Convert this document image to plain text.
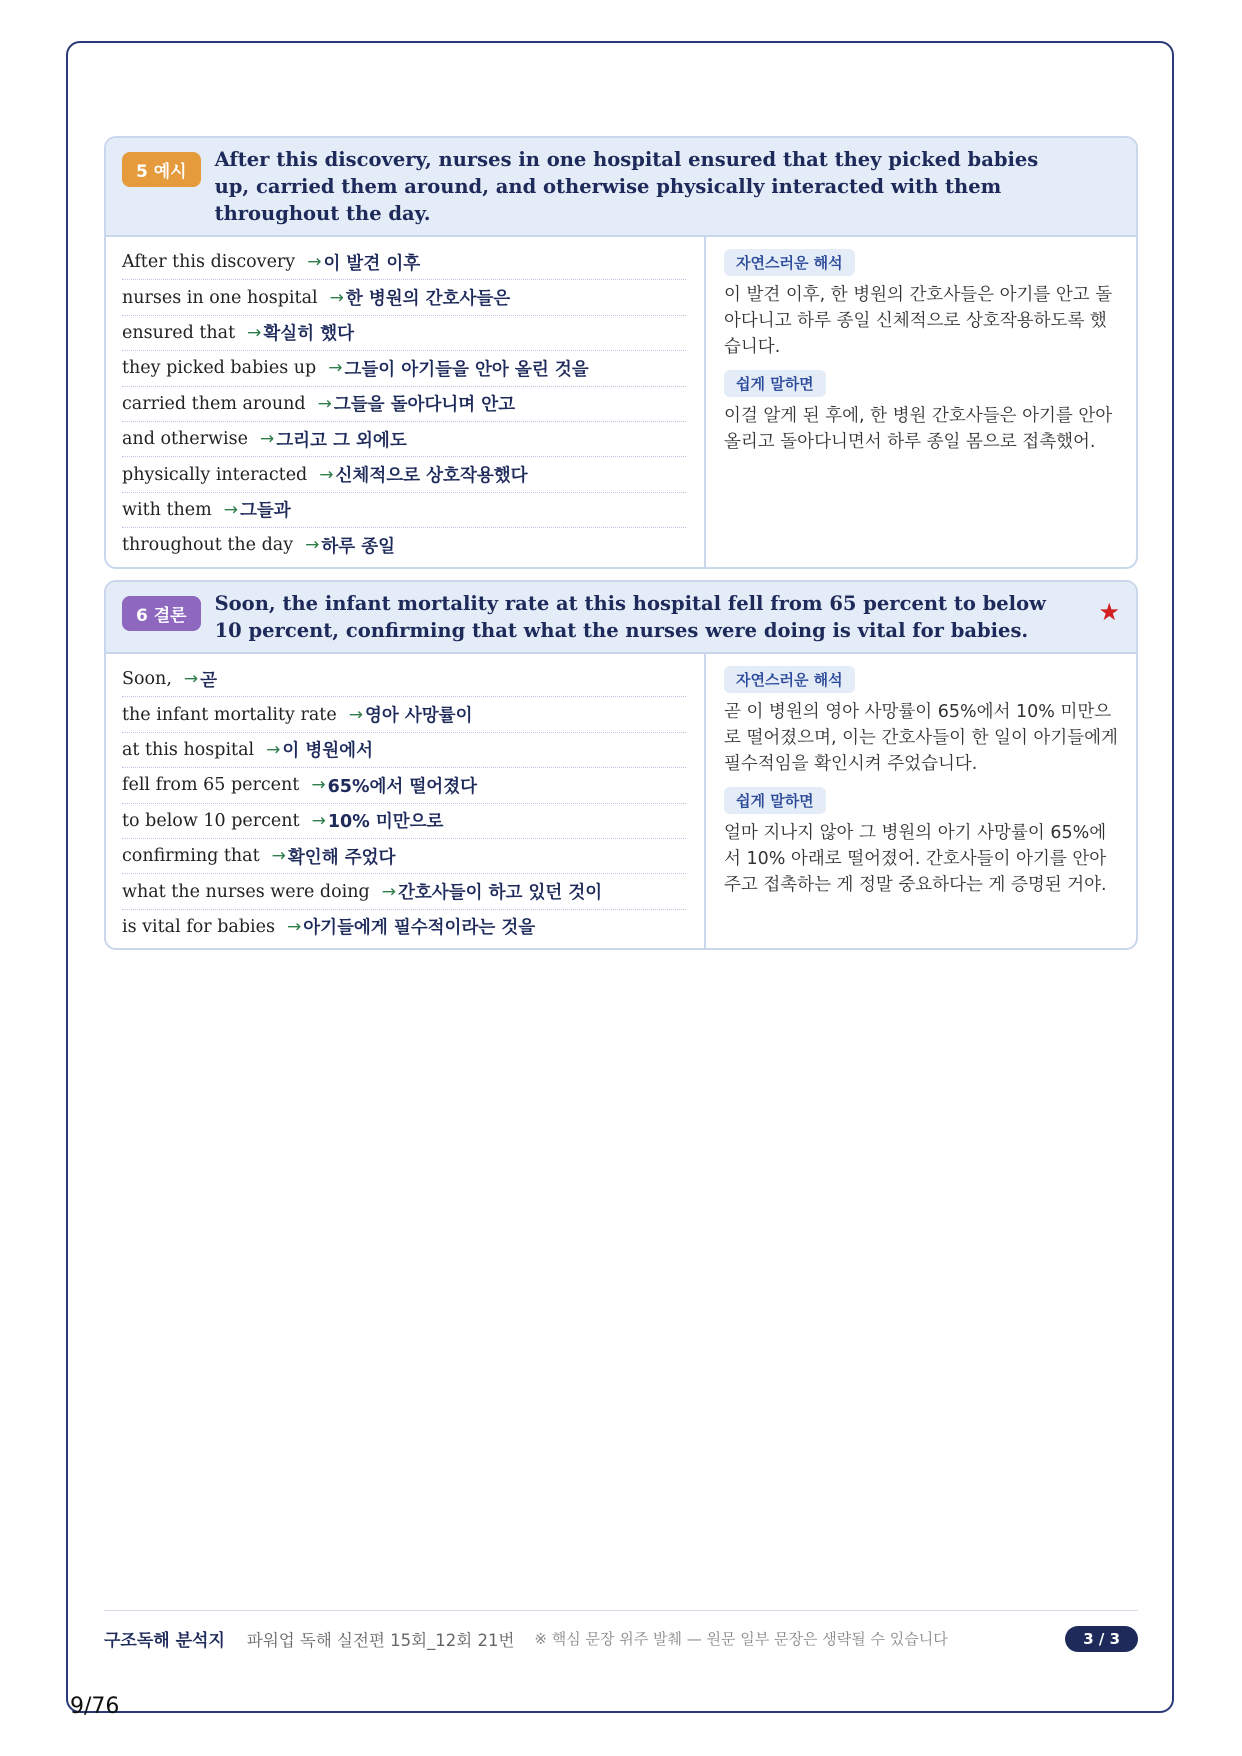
5 예시
After this discovery, nurses in one hospital ensured that they picked babies up, carried them around, and otherwise physically interacted with them throughout the day.
After this discovery → 이 발견 이후
nurses in one hospital → 한 병원의 간호사들은
ensured that → 확실히 했다
they picked babies up → 그들이 아기들을 안아 올린 것을
carried them around → 그들을 돌아다니며 안고
and otherwise → 그리고 그 외에도
physically interacted → 신체적으로 상호작용했다
with them → 그들과
throughout the day → 하루 종일
자연스러운 해석

이 발견 이후, 한 병원의 간호사들은 아기를 안고 돌아다니고 하루 종일 신체적으로 상호작용하도록 했습니다.

쉽게 말하면

이걸 알게 된 후에, 한 병원 간호사들은 아기를 안아 올리고 돌아다니면서 하루 종일 몸으로 접촉했어.

6 결론
Soon, the infant mortality rate at this hospital fell from 65 percent to below 10 percent, confirming that what the nurses were doing is vital for babies.
★
Soon, → 곧
the infant mortality rate → 영아 사망률이
at this hospital → 이 병원에서
fell from 65 percent → 65%에서 떨어졌다
to below 10 percent → 10% 미만으로
confirming that → 확인해 주었다
what the nurses were doing → 간호사들이 하고 있던 것이
is vital for babies → 아기들에게 필수적이라는 것을
자연스러운 해석

곧 이 병원의 영아 사망률이 65%에서 10% 미만으로 떨어졌으며, 이는 간호사들이 한 일이 아기들에게 필수적임을 확인시켜 주었습니다.

쉽게 말하면

얼마 지나지 않아 그 병원의 아기 사망률이 65%에서 10% 아래로 떨어졌어. 간호사들이 아기를 안아주고 접촉하는 게 정말 중요하다는 게 증명된 거야.

구조독해 분석지 파워업 독해 실전편 15회_12회 21번 ※ 핵심 문장 위주 발췌 — 원문 일부 문장은 생략될 수 있습니다	3 / 3
9/76
